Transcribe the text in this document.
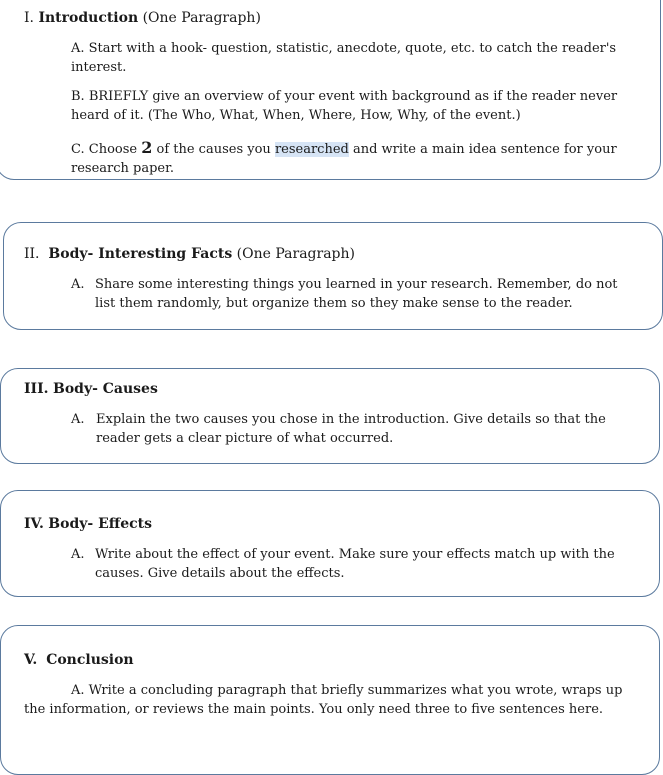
I. Introduction (One Paragraph)
A. Start with a hook- question, statistic, anecdote, quote, etc. to catch the reader's interest.
B. BRIEFLY give an overview of your event with background as if the reader never heard of it. (The Who, What, When, Where, How, Why, of the event.)
C. Choose 2 of the causes you researched and write a main idea sentence for your research paper.
II. Body- Interesting Facts (One Paragraph)
A. Share some interesting things you learned in your research. Remember, do not list them randomly, but organize them so they make sense to the reader.
III. Body- Causes
A. Explain the two causes you chose in the introduction. Give details so that the reader gets a clear picture of what occurred.
IV. Body- Effects
A. Write about the effect of your event. Make sure your effects match up with the causes. Give details about the effects.
V. Conclusion
A. Write a concluding paragraph that briefly summarizes what you wrote, wraps up the information, or reviews the main points. You only need three to five sentences here.
